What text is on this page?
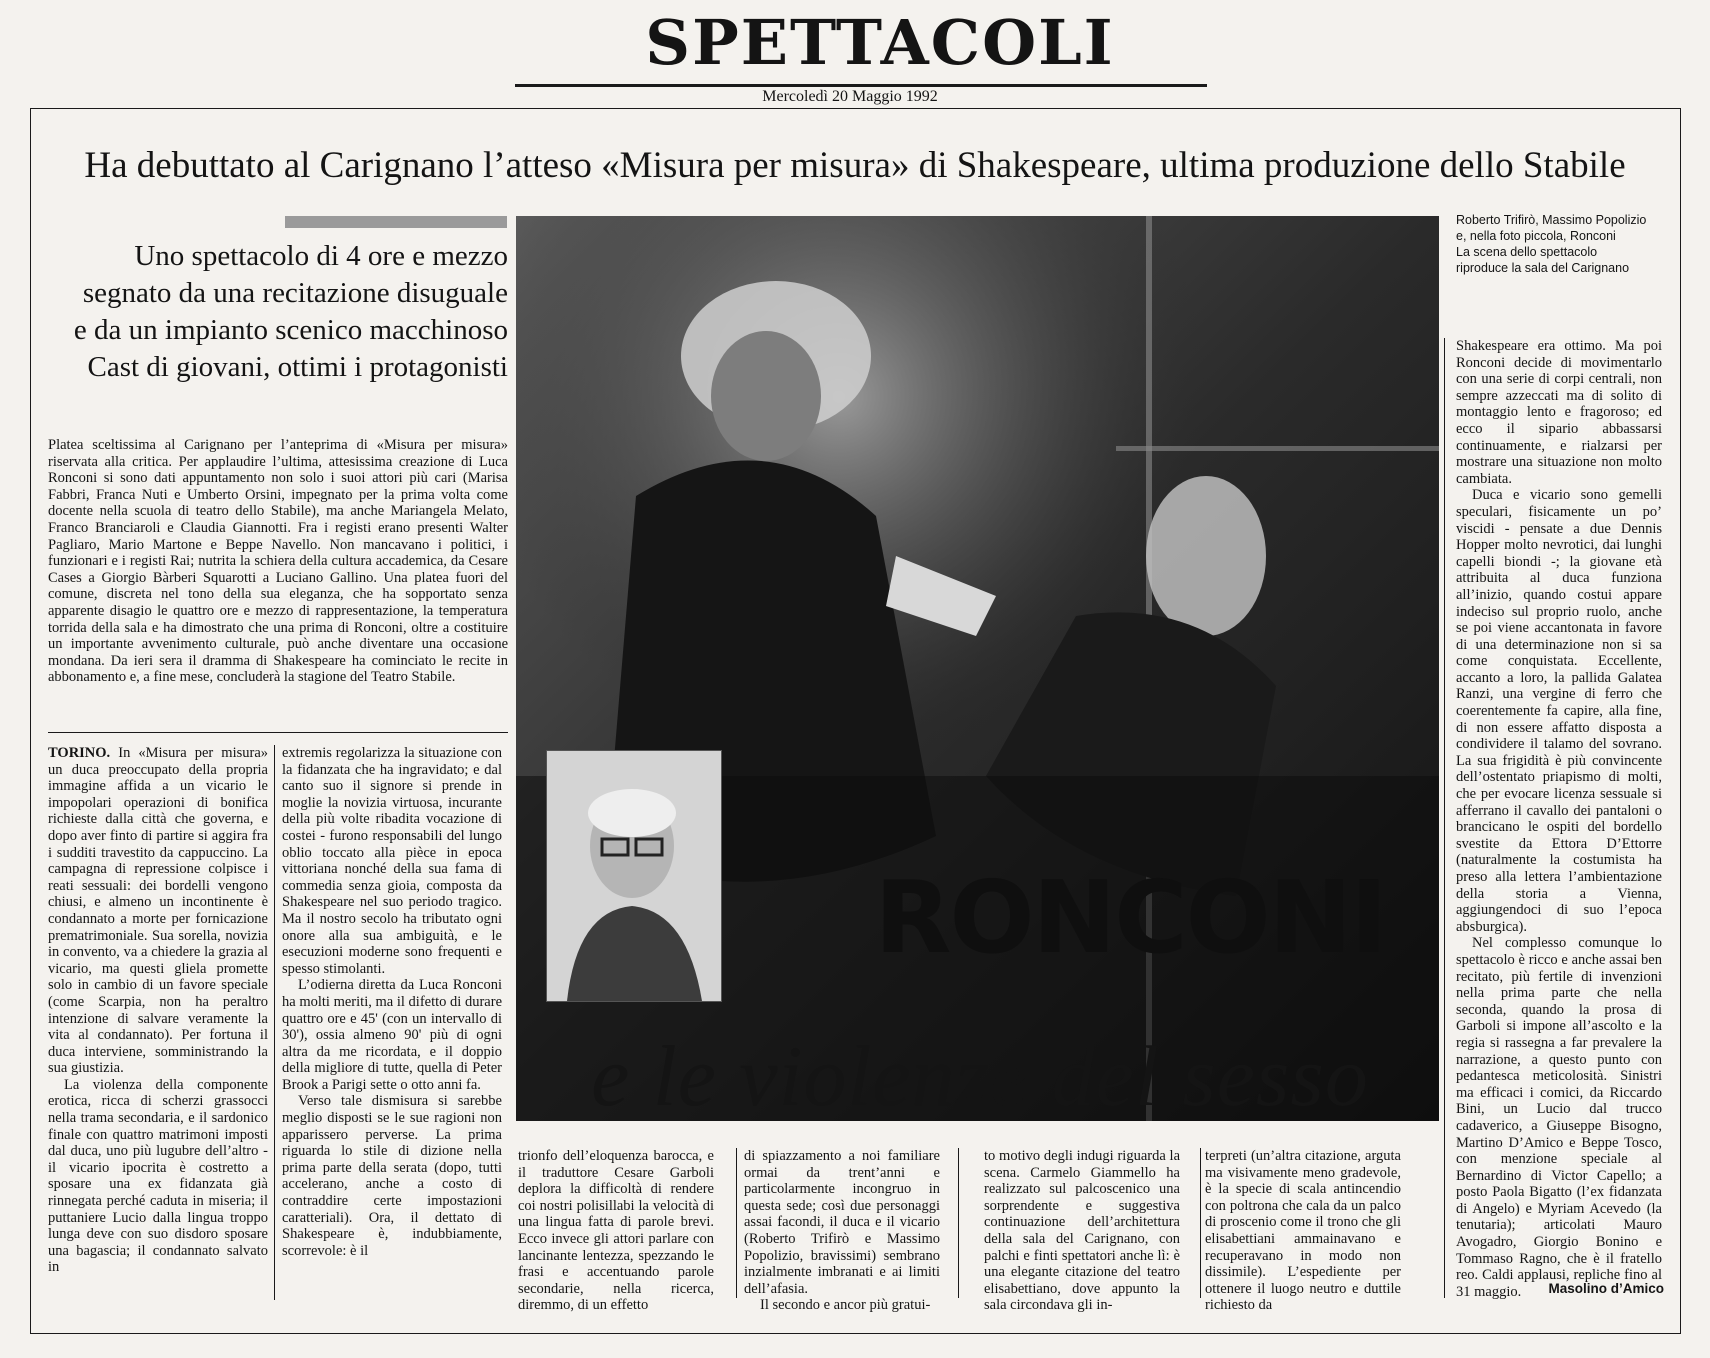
SPETTACOLI
Mercoledì 20 Maggio 1992
Ha debuttato al Carignano l’atteso «Misura per misura» di Shakespeare, ultima produzione dello Stabile
Uno spettacolo di 4 ore e mezzo
segnato da una recitazione disuguale
e da un impianto scenico macchinoso
Cast di giovani, ottimi i protagonisti

Platea sceltissima al Carignano per l’anteprima di «Misura per misura» riservata alla critica. Per applaudire l’ultima, attesissima creazione di Luca Ronconi si sono dati appuntamento non solo i suoi attori più cari (Marisa Fabbri, Franca Nuti e Umberto Orsini, impegnato per la prima volta come docente nella scuola di teatro dello Stabile), ma anche Mariangela Melato, Franco Branciaroli e Claudia Giannotti. Fra i registi erano presenti Walter Pagliaro, Mario Martone e Beppe Navello. Non mancavano i politici, i funzionari e i registi Rai; nutrita la schiera della cultura accademica, da Cesare Cases a Giorgio Bàrberi Squarotti a Luciano Gallino. Una platea fuori del comune, discreta nel tono della sua eleganza, che ha sopportato senza apparente disagio le quattro ore e mezzo di rappresentazione, la temperatura torrida della sala e ha dimostrato che una prima di Ronconi, oltre a costituire un importante avvenimento culturale, può anche diventare una occasione mondana. Da ieri sera il dramma di Shakespeare ha cominciato le recite in abbonamento e, a fine mese, concluderà la stagione del Teatro Stabile.

TORINO. In «Misura per misura» un duca preoccupato della propria immagine affida a un vicario le impopolari operazioni di bonifica richieste dalla città che governa, e dopo aver finto di partire si aggira fra i sudditi travestito da cappuccino. La campagna di repressione colpisce i reati sessuali: dei bordelli vengono chiusi, e almeno un incontinente è condannato a morte per fornicazione prematrimoniale. Sua sorella, novizia in convento, va a chiedere la grazia al vicario, ma questi gliela promette solo in cambio di un favore speciale (come Scarpia, non ha peraltro intenzione di salvare veramente la vita al condannato). Per fortuna il duca interviene, somministrando la sua giustizia.

La violenza della componente erotica, ricca di scherzi grassocci nella trama secondaria, e il sardonico finale con quattro matrimoni imposti dal duca, uno più lugubre dell’altro - il vicario ipocrita è costretto a sposare una ex fidanzata già rinnegata perché caduta in miseria; il puttaniere Lucio dalla lingua troppo lunga deve con suo disdoro sposare una bagascia; il condannato salvato in

extremis regolarizza la situazione con la fidanzata che ha ingravidato; e dal canto suo il signore si prende in moglie la novizia virtuosa, incurante della più volte ribadita vocazione di costei - furono responsabili del lungo oblio toccato alla pièce in epoca vittoriana nonché della sua fama di commedia senza gioia, composta da Shakespeare nel suo periodo tragico. Ma il nostro secolo ha tributato ogni onore alla sua ambiguità, e le esecuzioni moderne sono frequenti e spesso stimolanti.

L’odierna diretta da Luca Ronconi ha molti meriti, ma il difetto di durare quattro ore e 45' (con un intervallo di 30'), ossia almeno 90' più di ogni altra da me ricordata, e il doppio della migliore di tutte, quella di Peter Brook a Parigi sette o otto anni fa.

Verso tale dismisura si sarebbe meglio disposti se le sue ragioni non apparissero perverse. La prima riguarda lo stile di dizione nella prima parte della serata (dopo, tutti accelerano, anche a costo di contraddire certe impostazioni caratteriali). Ora, il dettato di Shakespeare è, indubbiamente, scorrevole: è il

RONCONI
e le violenze del sesso
Roberto Trifirò, Massimo Popolizio
e, nella foto piccola, Ronconi
La scena dello spettacolo
riproduce la sala del Carignano

Shakespeare era ottimo. Ma poi Ronconi decide di movimentarlo con una serie di corpi centrali, non sempre azzeccati ma di solito di montaggio lento e fragoroso; ed ecco il sipario abbassarsi continuamente, e rialzarsi per mostrare una situazione non molto cambiata.

Duca e vicario sono gemelli speculari, fisicamente un po’ viscidi - pensate a due Dennis Hopper molto nevrotici, dai lunghi capelli biondi -; la giovane età attribuita al duca funziona all’inizio, quando costui appare indeciso sul proprio ruolo, anche se poi viene accantonata in favore di una determinazione non si sa come conquistata. Eccellente, accanto a loro, la pallida Galatea Ranzi, una vergine di ferro che coerentemente fa capire, alla fine, di non essere affatto disposta a condividere il talamo del sovrano. La sua frigidità è più convincente dell’ostentato priapismo di molti, che per evocare licenza sessuale si afferrano il cavallo dei pantaloni o brancicano le ospiti del bordello svestite da Ettora D’Ettorre (naturalmente la costumista ha preso alla lettera l’ambientazione della storia a Vienna, aggiungendoci di suo l’epoca absburgica).

Nel complesso comunque lo spettacolo è ricco e anche assai ben recitato, più fertile di invenzioni nella prima parte che nella seconda, quando la prosa di Garboli si impone all’ascolto e la regia si rassegna a far prevalere la narrazione, a questo punto con pedantesca meticolosità. Sinistri ma efficaci i comici, da Riccardo Bini, un Lucio dal trucco cadaverico, a Giuseppe Bisogno, Martino D’Amico e Beppe Tosco, con menzione speciale al Bernardino di Victor Capello; a posto Paola Bigatto (l’ex fidanzata di Angelo) e Myriam Acevedo (la tenutaria); articolati Mauro Avogadro, Giorgio Bonino e Tommaso Ragno, che è il fratello reo. Caldi applausi, repliche fino al 31 maggio.

trionfo dell’eloquenza barocca, e il traduttore Cesare Garboli deplora la difficoltà di rendere coi nostri polisillabi la velocità di una lingua fatta di parole brevi. Ecco invece gli attori parlare con lancinante lentezza, spezzando le frasi e accentuando parole secondarie, nella ricerca, diremmo, di un effetto

di spiazzamento a noi familiare ormai da trent’anni e particolarmente incongruo in questa sede; così due personaggi assai facondi, il duca e il vicario (Roberto Trifirò e Massimo Popolizio, bravissimi) sembrano inzialmente imbranati e ai limiti dell’afasia.

Il secondo e ancor più gratui-

to motivo degli indugi riguarda la scena. Carmelo Giammello ha realizzato sul palcoscenico una sorprendente e suggestiva continuazione dell’architettura della sala del Carignano, con palchi e finti spettatori anche lì: è una elegante citazione del teatro elisabettiano, dove appunto la sala circondava gli in-

terpreti (un’altra citazione, arguta ma visivamente meno gradevole, è la specie di scala antincendio con poltrona che cala da un palco di proscenio come il trono che gli elisabettiani ammainavano e recuperavano in modo non dissimile). L’espediente per ottenere il luogo neutro e duttile richiesto da

Masolino d’Amico
